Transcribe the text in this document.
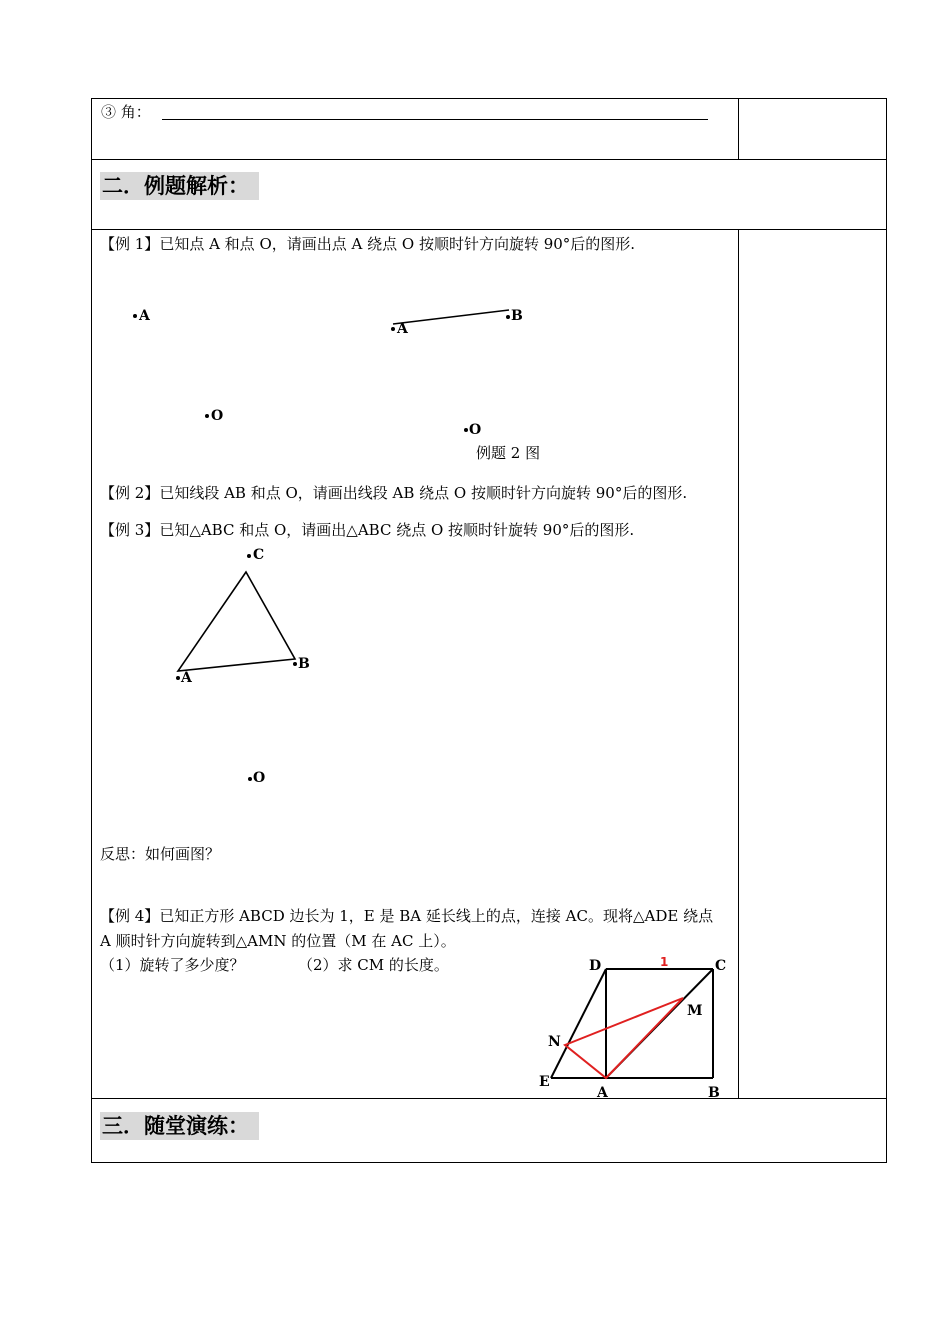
③ 角：
二．例题解析：
【例 1】已知点 A 和点 O，请画出点 A 绕点 O 按顺时针方向旋转 90°后的图形.
A
O
A
B
O
例题 2 图
【例 2】已知线段 AB 和点 O，请画出线段 AB 绕点 O 按顺时针方向旋转 90°后的图形.
【例 3】已知△ABC 和点 O，请画出△ABC 绕点 O 按顺时针旋转 90°后的图形.
C
A
B
O
反思：如何画图？
【例 4】已知正方形 ABCD 边长为 1，E 是 BA 延长线上的点，连接 AC。现将△ADE 绕点
A 顺时针方向旋转到△AMN 的位置（M 在 AC 上）。
（1）旋转了多少度？	（2）求 CM 的长度。	D	C
1
M
N
E
A	B
三．随堂演练：
